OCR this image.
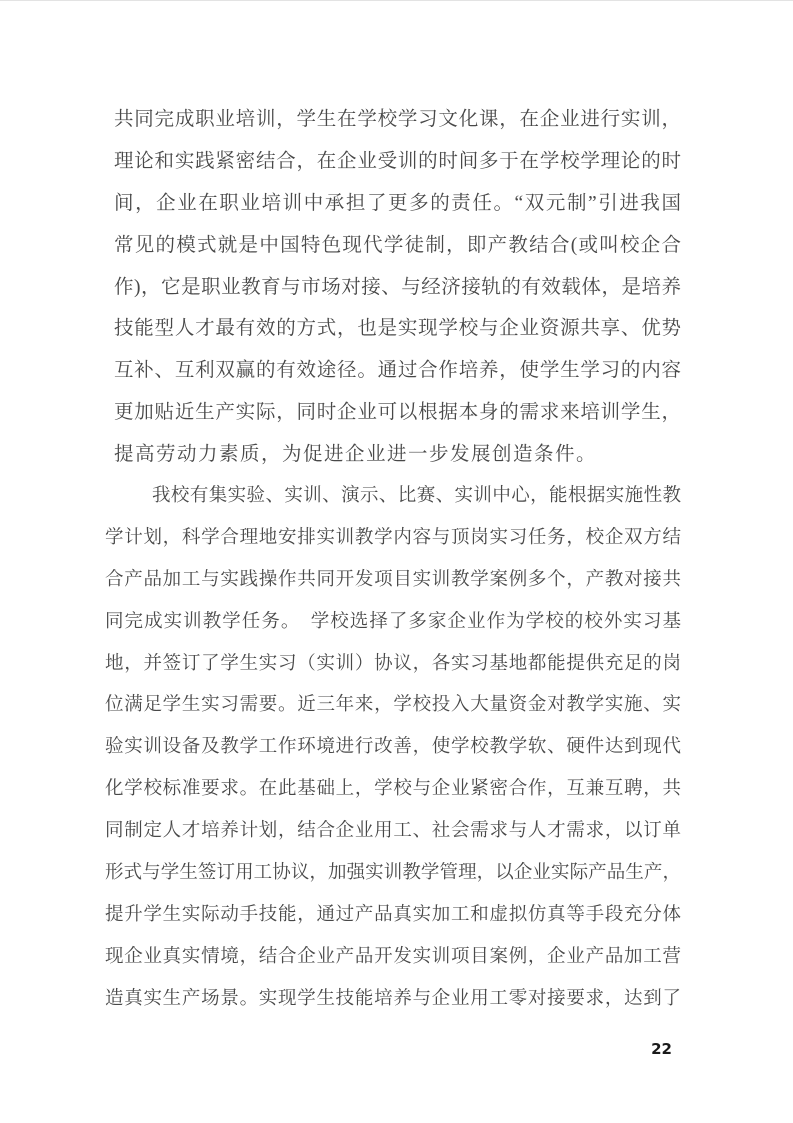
共同完成职业培训，学生在学校学习文化课，在企业进行实训，
理论和实践紧密结合，在企业受训的时间多于在学校学理论的时
间，企业在职业培训中承担了更多的责任。“双元制”引进我国
常见的模式就是中国特色现代学徒制，即产教结合(或叫校企合
作)，它是职业教育与市场对接、与经济接轨的有效载体，是培养
技能型人才最有效的方式，也是实现学校与企业资源共享、优势
互补、互利双赢的有效途径。通过合作培养，使学生学习的内容
更加贴近生产实际，同时企业可以根据本身的需求来培训学生，
提高劳动力素质，为促进企业进一步发展创造条件。
我校有集实验、实训、演示、比赛、实训中心，能根据实施性教
学计划，科学合理地安排实训教学内容与顶岗实习任务，校企双方结
合产品加工与实践操作共同开发项目实训教学案例多个，产教对接共
同完成实训教学任务。　学校选择了多家企业作为学校的校外实习基
地，并签订了学生实习（实训）协议，各实习基地都能提供充足的岗
位满足学生实习需要。近三年来，学校投入大量资金对教学实施、实
验实训设备及教学工作环境进行改善，使学校教学软、硬件达到现代
化学校标准要求。在此基础上，学校与企业紧密合作，互兼互聘，共
同制定人才培养计划，结合企业用工、社会需求与人才需求，以订单
形式与学生签订用工协议，加强实训教学管理，以企业实际产品生产，
提升学生实际动手技能，通过产品真实加工和虚拟仿真等手段充分体
现企业真实情境，结合企业产品开发实训项目案例，企业产品加工营
造真实生产场景。实现学生技能培养与企业用工零对接要求，达到了
22
